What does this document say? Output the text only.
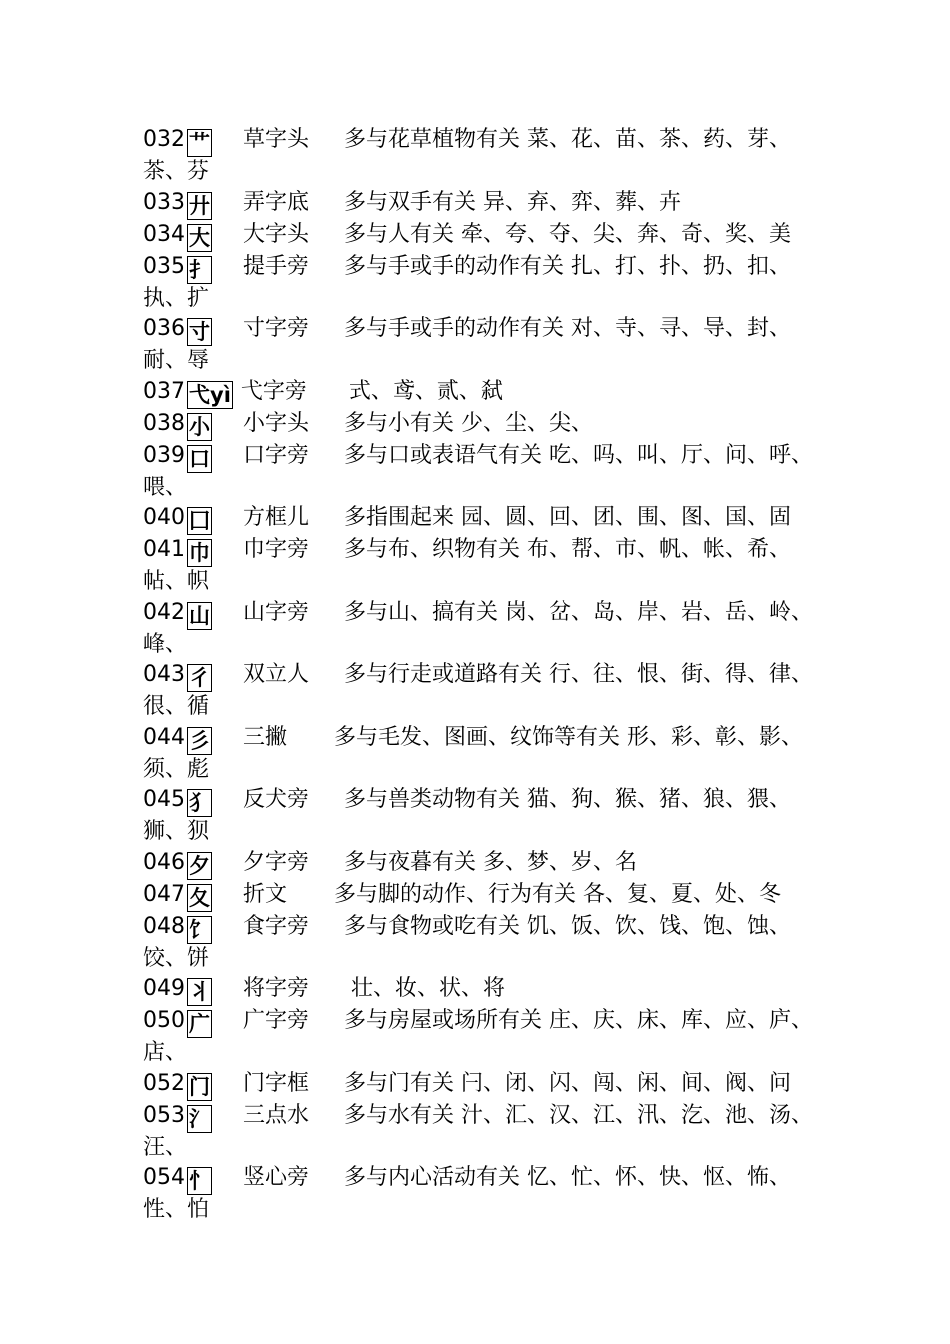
032 艹 草字头 多与花草植物有关 菜、花、苗、茶、药、芽、茶、芬
033 廾 弄字底 多与双手有关 异、弃、弈、葬、卉
034 大 大字头 多与人有关 牵、夸、夺、尖、奔、奇、奖、美
035 扌 提手旁 多与手或手的动作有关 扎、打、扑、扔、扣、执、扩
036 寸 寸字旁 多与手或手的动作有关 对、寺、寻、导、封、耐、辱
037 弋yì 弋字旁 式、鸢、贰、弑
038 小 小字头 多与小有关 少、尘、尖、
039 口 口字旁 多与口或表语气有关 吃、吗、叫、厅、问、呼、喂、
040 囗 方框儿 多指围起来 园、圆、回、团、围、图、国、固
041 巾 巾字旁 多与布、织物有关 布、帮、市、帆、帐、希、帖、帜
042 山 山字旁 多与山、搞有关 岗、岔、岛、岸、岩、岳、岭、峰、
043 彳 双立人 多与行走或道路有关 行、往、恨、街、得、律、很、循
044 彡 三撇 多与毛发、图画、纹饰等有关 形、彩、彰、影、须、彪
045 犭 反犬旁 多与兽类动物有关 猫、狗、猴、猪、狼、猥、狮、狈
046 夕 夕字旁 多与夜暮有关 多、梦、岁、名
047 夂 折文 多与脚的动作、行为有关 各、复、夏、处、冬
048 饣 食字旁 多与食物或吃有关 饥、饭、饮、饯、饱、蚀、饺、饼
049 丬 将字旁 壮、妆、状、将
050 广 广字旁 多与房屋或场所有关 庄、庆、床、库、应、庐、店、
052 门 门字框 多与门有关 闩、闭、闪、闯、闲、间、阀、问
053 氵 三点水 多与水有关 汁、汇、汉、江、汛、汔、池、汤、汪、
054 忄 竖心旁 多与内心活动有关 忆、忙、怀、快、怄、怖、性、怕
